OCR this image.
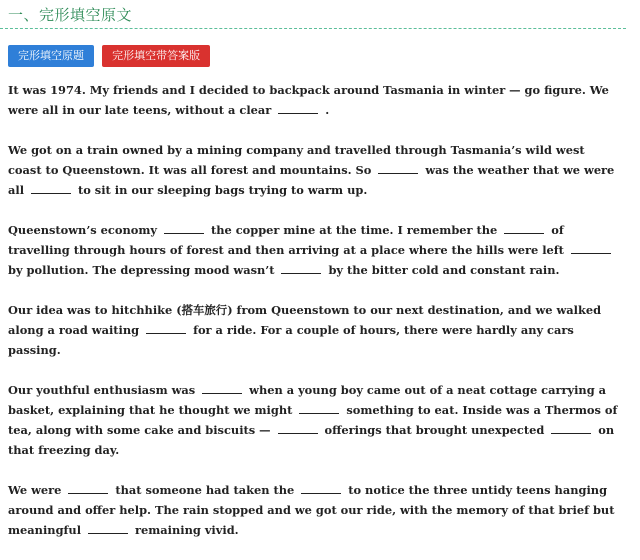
一、完形填空原文
完形填空原题	完形填空带答案版

It was 1974. My friends and I decided to backpack around Tasmania in winter — go figure. We were all in our late teens, without a clear	.

We got on a train owned by a mining company and travelled through Tasmania’s wild west coast to Queenstown. It was all forest and mountains. So	was the weather that we were all	to sit in our sleeping bags trying to warm up.

Queenstown’s economy	the copper mine at the time. I remember the	of travelling through hours of forest and then arriving at a place where the hills were left  by pollution. The depressing mood wasn’t	by the bitter cold and constant rain.

Our idea was to hitchhike (搭车旅行) from Queenstown to our next destination, and we walked along a road waiting	for a ride. For a couple of hours, there were hardly any cars passing.

Our youthful enthusiasm was	when a young boy came out of a neat cottage carrying a basket, explaining that he thought we might	something to eat. Inside was a Thermos of tea, along with some cake and biscuits —	offerings that brought unexpected	on that freezing day.

We were	that someone had taken the	to notice the three untidy teens hanging around and offer help. The rain stopped and we got our ride, with the memory of that brief but meaningful	remaining vivid.
